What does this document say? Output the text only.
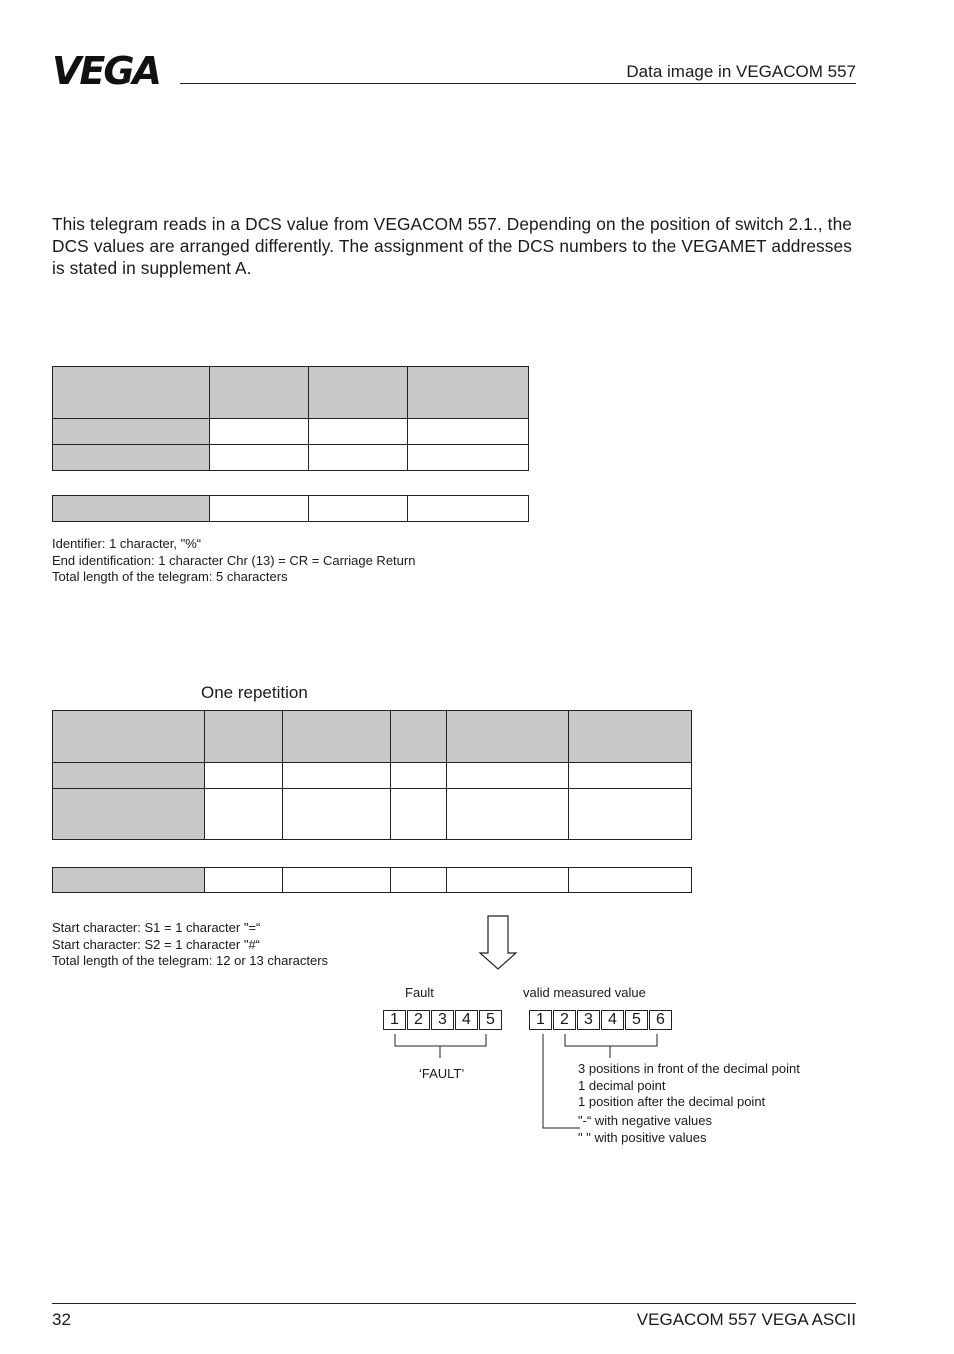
VEGA	Data image in VEGACOM 557
This telegram reads in a DCS value from VEGACOM 557. Depending on the position of switch 2.1., the DCS values are arranged differently. The assignment of the DCS numbers to the VEGAMET addresses is stated in supplement A.

Identifier: 1 character, "%“
End identification: 1 character Chr (13) = CR = Carriage Return
Total length of the telegram: 5 characters
One repetition

Start character: S1 = 1 character "=“
Start character: S2 = 1 character "#“
Total length of the telegram: 12 or 13 characters
Fault	valid measured value
1 2 3 4 5	1 2 3 4 5 6
‘FAULT’	3 positions in front of the decimal point
1 decimal point
1 position after the decimal point
"-“ with negative values
" " with positive values
32	VEGACOM 557 VEGA ASCII
